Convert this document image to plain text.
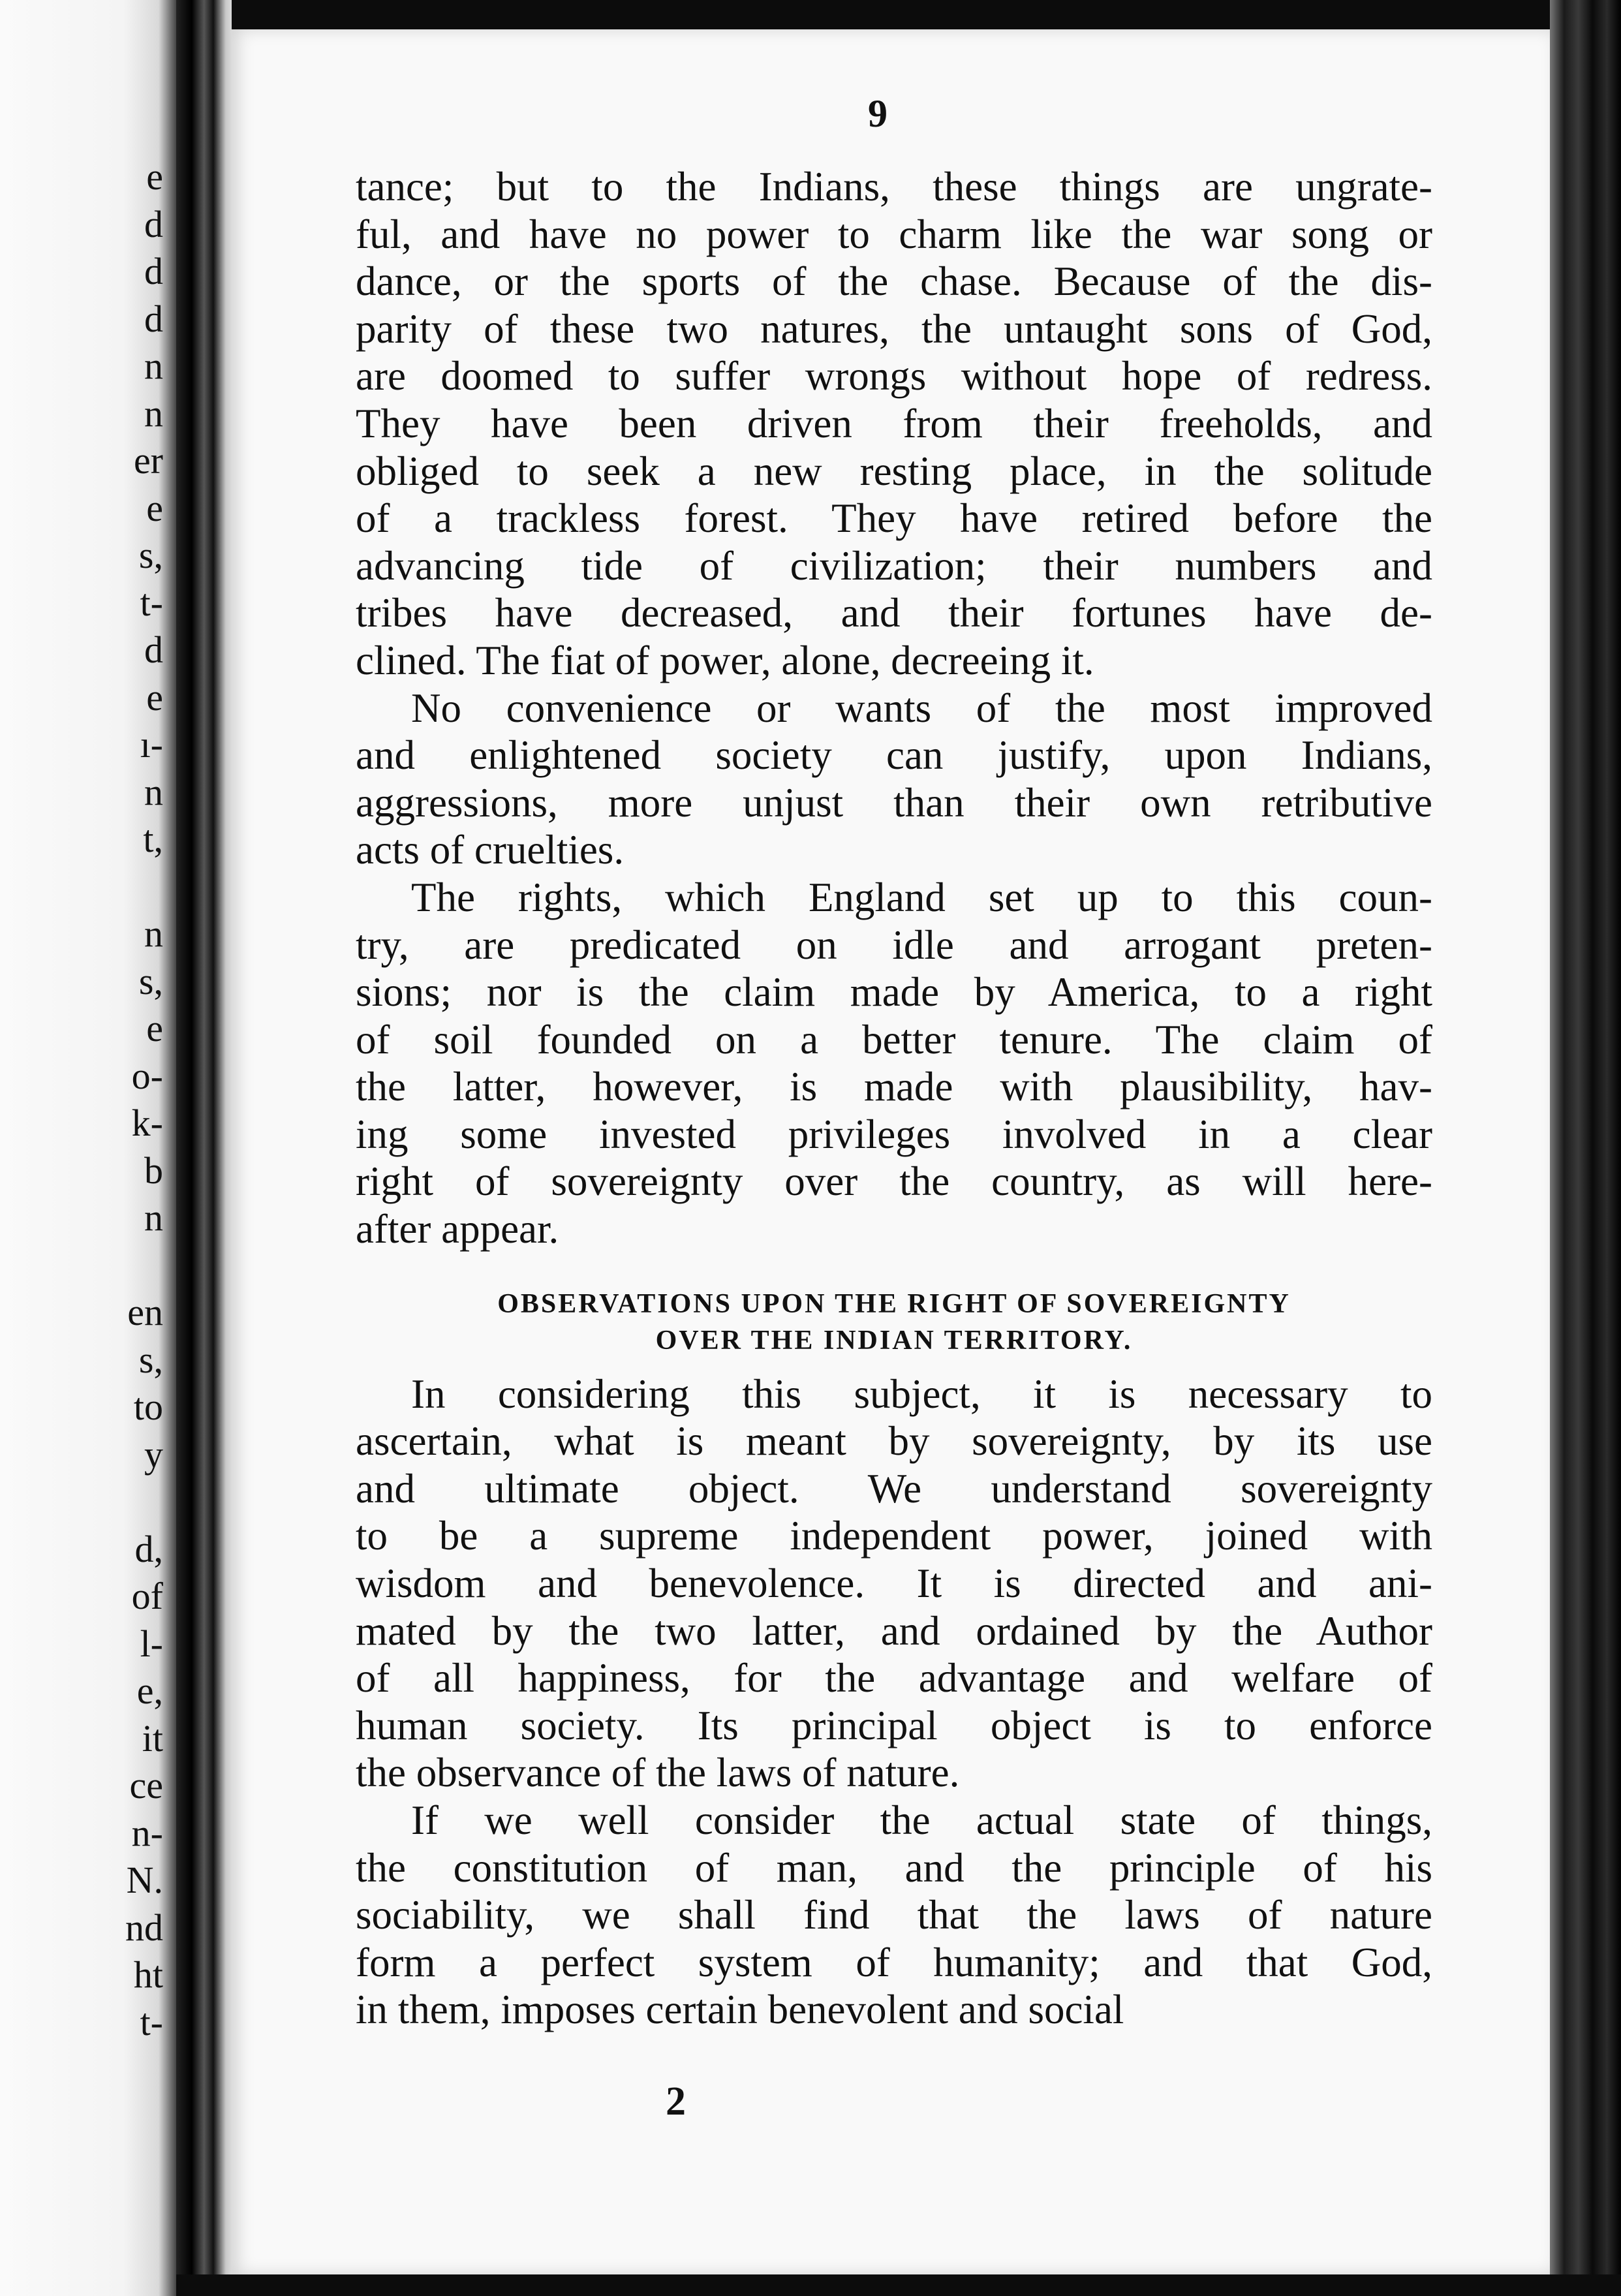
e
d
d
d
n
n
er
e
s,
t-
d
e
ı-
n
t,
n
s,
e
o-
k-
b
n
en
s,
to
y
d,
of
l-
e,
it
ce
n-
N.
nd
ht
t-
9
tance; but to the Indians, these things are ungrate-
ful, and have no power to charm like the war song or
dance, or the sports of the chase. Because of the dis-
parity of these two natures, the untaught sons of God,
are doomed to suffer wrongs without hope of redress.
They have been driven from their freeholds, and
obliged to seek a new resting place, in the solitude
of a trackless forest. They have retired before the
advancing tide of civilization; their numbers and
tribes have decreased, and their fortunes have de-
clined. The fiat of power, alone, decreeing it.
No convenience or wants of the most improved
and enlightened society can justify, upon Indians,
aggressions, more unjust than their own retributive
acts of cruelties.
The rights, which England set up to this coun-
try, are predicated on idle and arrogant preten-
sions; nor is the claim made by America, to a right
of soil founded on a better tenure. The claim of
the latter, however, is made with plausibility, hav-
ing some invested privileges involved in a clear
right of sovereignty over the country, as will here-
after appear.
OBSERVATIONS UPON THE RIGHT OF SOVEREIGNTY
OVER THE INDIAN TERRITORY.
In considering this subject, it is necessary to
ascertain, what is meant by sovereignty, by its use
and ultimate object. We understand sovereignty
to be a supreme independent power, joined with
wisdom and benevolence. It is directed and ani-
mated by the two latter, and ordained by the Author
of all happiness, for the advantage and welfare of
human society. Its principal object is to enforce
the observance of the laws of nature.
If we well consider the actual state of things,
the constitution of man, and the principle of his
sociability, we shall find that the laws of nature
form a perfect system of humanity; and that God,
in them, imposes certain benevolent and social
2
